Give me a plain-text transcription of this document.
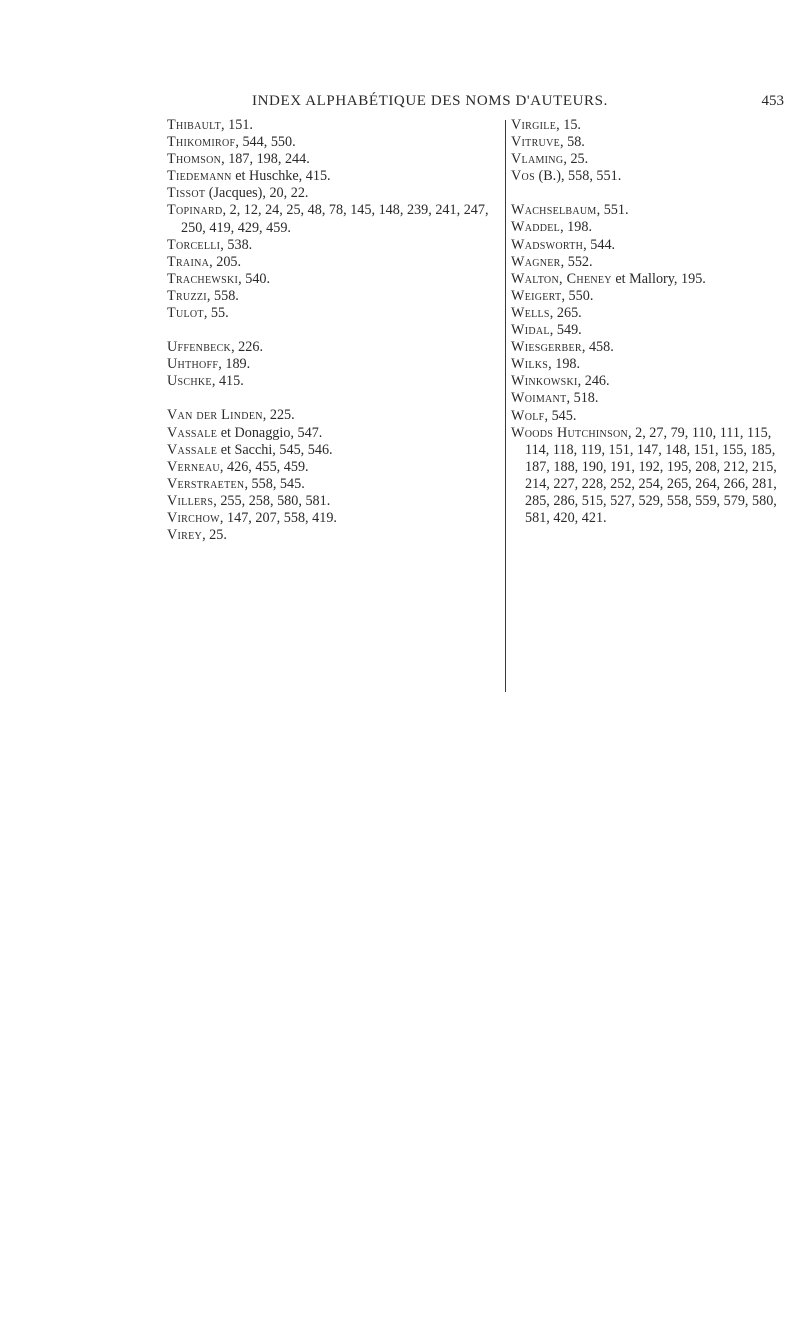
INDEX ALPHABÉTIQUE DES NOMS D'AUTEURS.	453

Thibault, 151.

Thikomirof, 544, 550.

Thomson, 187, 198, 244.

Tiedemann et Huschke, 415.

Tissot (Jacques), 20, 22.

Topinard, 2, 12, 24, 25, 48, 78, 145, 148, 239, 241, 247, 250, 419, 429, 459.

Torcelli, 538.

Traina, 205.

Trachewski, 540.

Truzzi, 558.

Tulot, 55.

Uffenbeck, 226.

Uhthoff, 189.

Uschke, 415.

Van der Linden, 225.

Vassale et Donaggio, 547.

Vassale et Sacchi, 545, 546.

Verneau, 426, 455, 459.

Verstraeten, 558, 545.

Villers, 255, 258, 580, 581.

Virchow, 147, 207, 558, 419.

Virey, 25.

Virgile, 15.

Vitruve, 58.

Vlaming, 25.

Vos (B.), 558, 551.

Wachselbaum, 551.

Waddel, 198.

Wadsworth, 544.

Wagner, 552.

Walton, Cheney et Mallory, 195.

Weigert, 550.

Wells, 265.

Widal, 549.

Wiesgerber, 458.

Wilks, 198.

Winkowski, 246.

Woimant, 518.

Wolf, 545.

Woods Hutchinson, 2, 27, 79, 110, 111, 115, 114, 118, 119, 151, 147, 148, 151, 155, 185, 187, 188, 190, 191, 192, 195, 208, 212, 215, 214, 227, 228, 252, 254, 265, 264, 266, 281, 285, 286, 515, 527, 529, 558, 559, 579, 580, 581, 420, 421.
